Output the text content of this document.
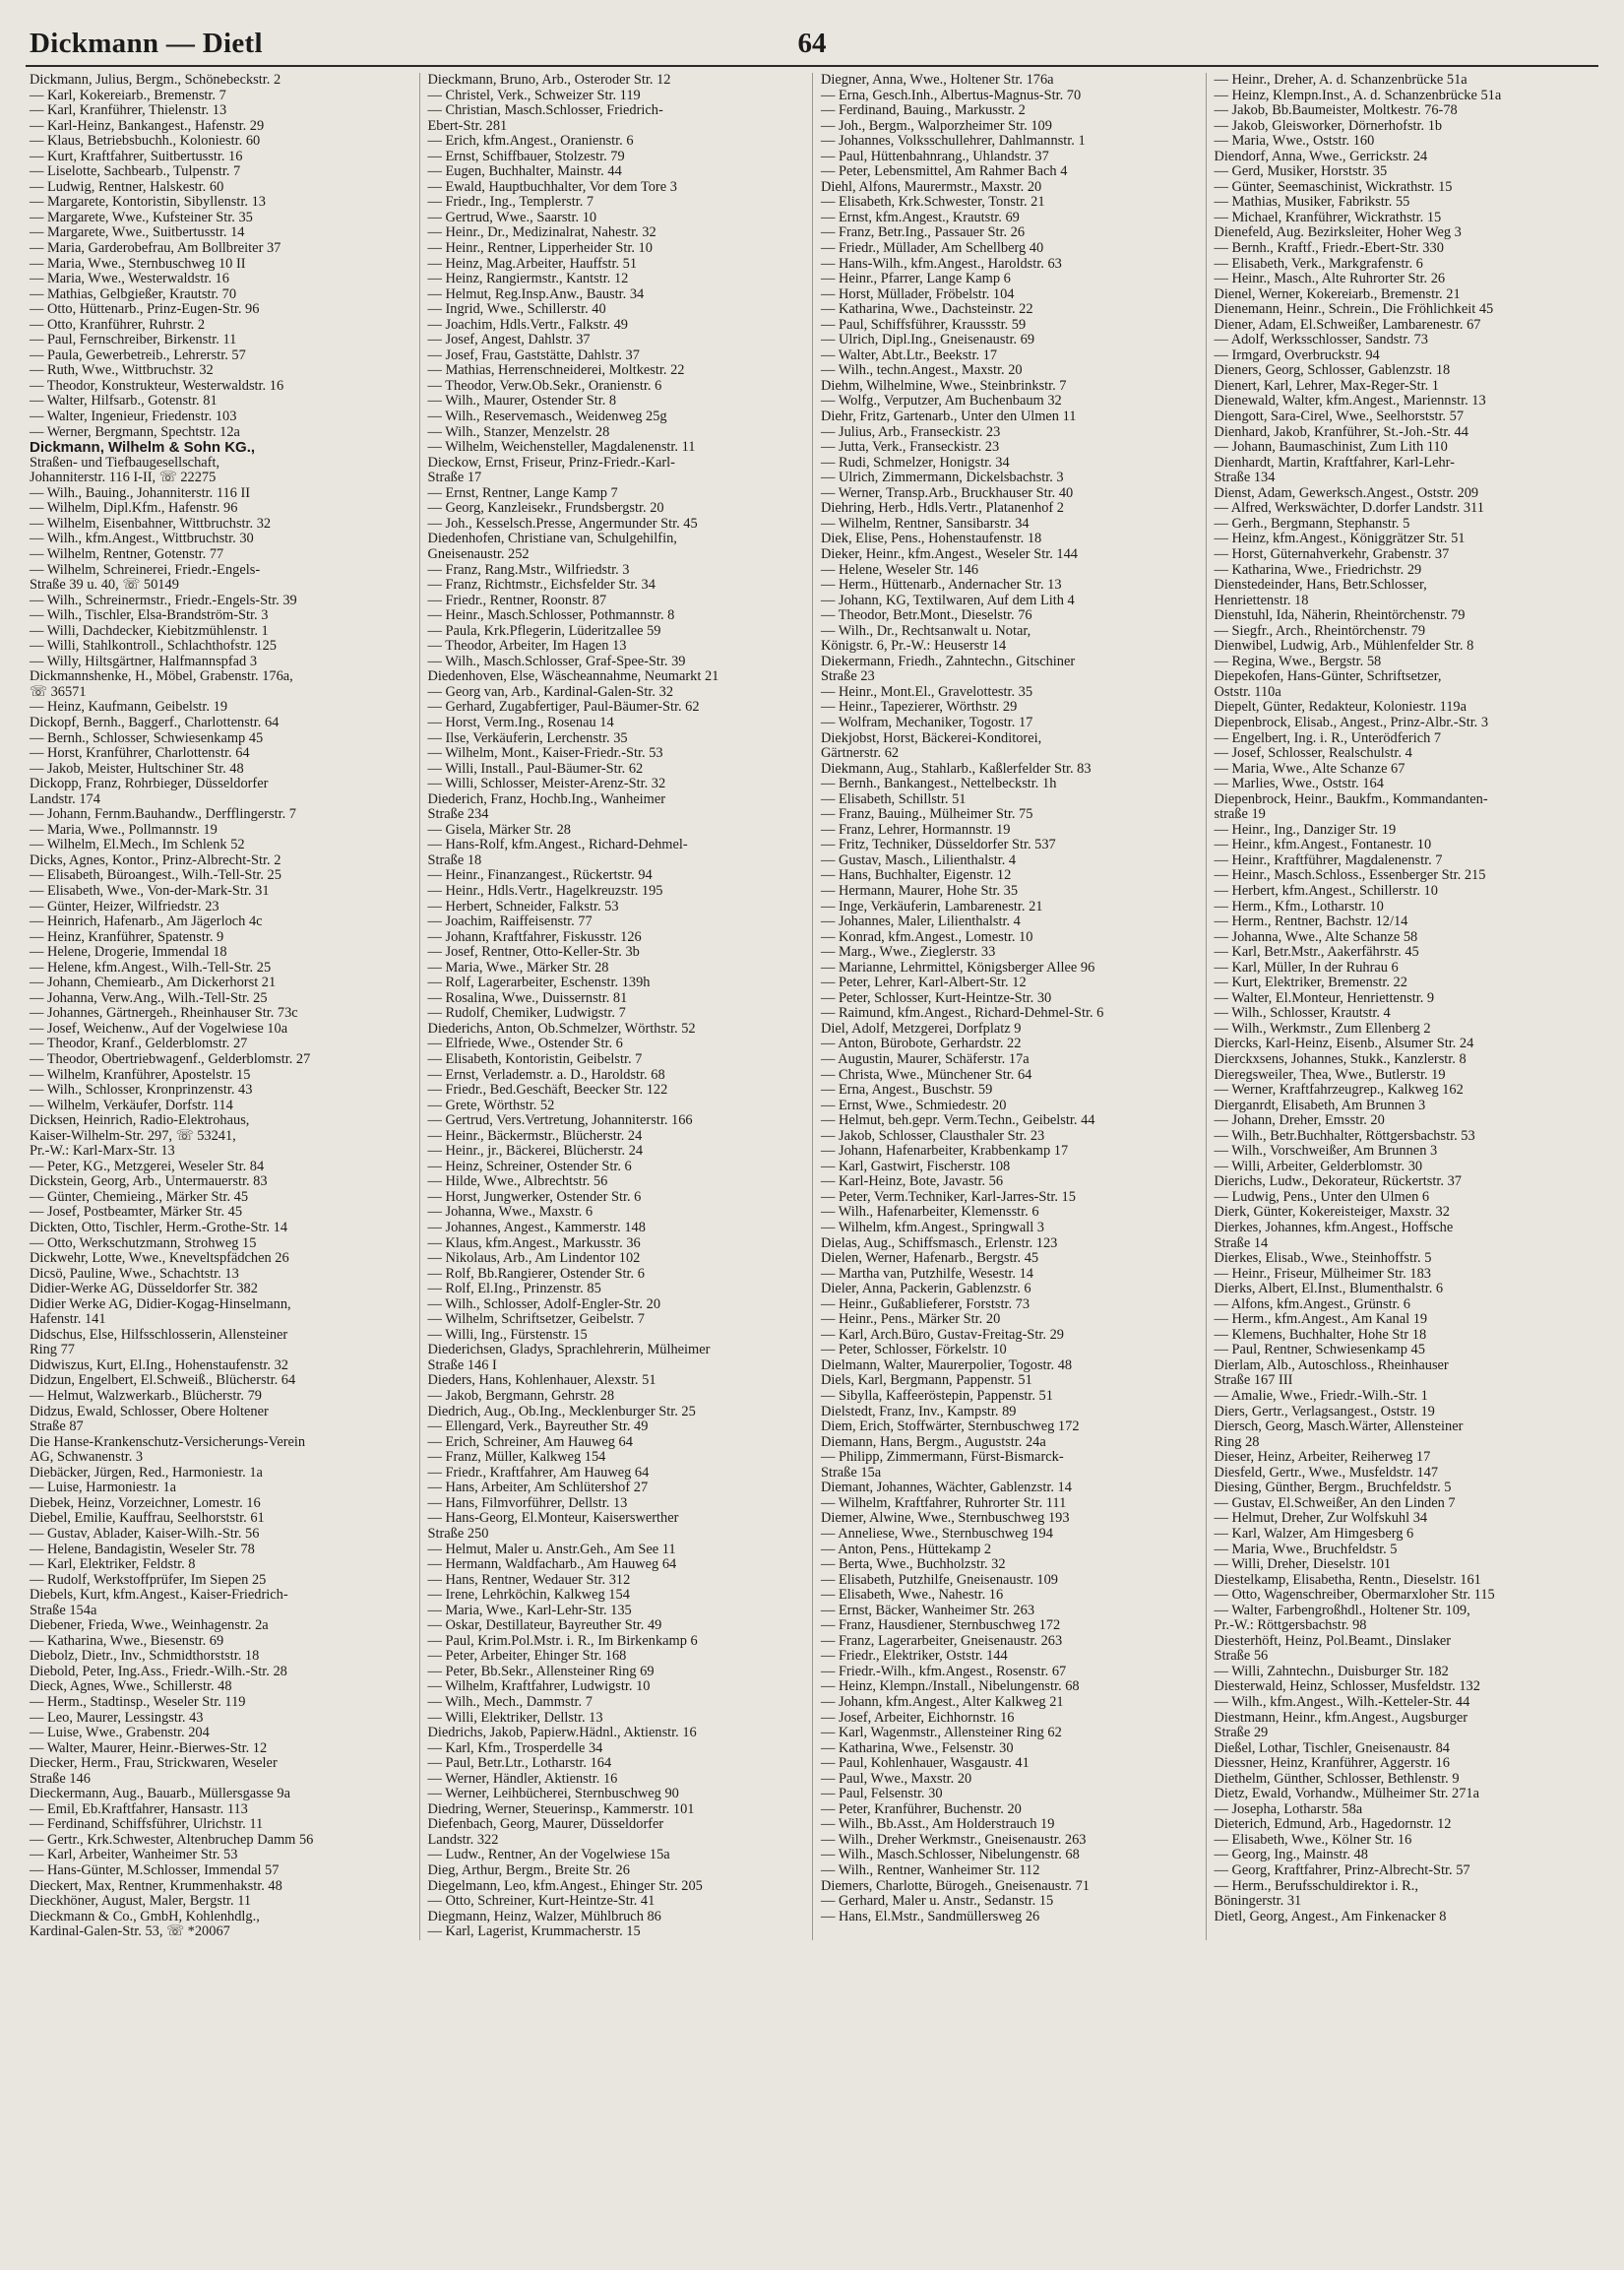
Dickmann — Dietl	64
Dickmann, Julius, Bergm., Schönebeckstr. 2
— Karl, Kokereiarb., Bremenstr. 7
— Karl, Kranführer, Thielenstr. 13
— Karl-Heinz, Bankangest., Hafenstr. 29
— Klaus, Betriebsbuchh., Koloniestr. 60
— Kurt, Kraftfahrer, Suitbertusstr. 16
— Liselotte, Sachbearb., Tulpenstr. 7
— Ludwig, Rentner, Halskestr. 60
— Margarete, Kontoristin, Sibyllenstr. 13
— Margarete, Wwe., Kufsteiner Str. 35
— Margarete, Wwe., Suitbertusstr. 14
— Maria, Garderobefrau, Am Bollbreiter 37
— Maria, Wwe., Sternbuschweg 10 II
— Maria, Wwe., Westerwaldstr. 16
— Mathias, Gelbgießer, Krautstr. 70
— Otto, Hüttenarb., Prinz-Eugen-Str. 96
— Otto, Kranführer, Ruhrstr. 2
— Paul, Fernschreiber, Birkenstr. 11
— Paula, Gewerbetreib., Lehrerstr. 57
— Ruth, Wwe., Wittbruchstr. 32
— Theodor, Konstrukteur, Westerwaldstr. 16
— Walter, Hilfsarb., Gotenstr. 81
— Walter, Ingenieur, Friedenstr. 103
— Werner, Bergmann, Spechtstr. 12a
Dickmann, Wilhelm & Sohn KG.,
Straßen- und Tiefbaugesellschaft,
Johanniterstr. 116 I-II, ☏ 22275
— Wilh., Bauing., Johanniterstr. 116 II
— Wilhelm, Dipl.Kfm., Hafenstr. 96
— Wilhelm, Eisenbahner, Wittbruchstr. 32
— Wilh., kfm.Angest., Wittbruchstr. 30
— Wilhelm, Rentner, Gotenstr. 77
— Wilhelm, Schreinerei, Friedr.-Engels-
Straße 39 u. 40, ☏ 50149
— Wilh., Schreinermstr., Friedr.-Engels-Str. 39
— Wilh., Tischler, Elsa-Brandström-Str. 3
— Willi, Dachdecker, Kiebitzmühlenstr. 1
— Willi, Stahlkontroll., Schlachthofstr. 125
— Willy, Hiltsgärtner, Halfmannspfad 3
Dickmannshenke, H., Möbel, Grabenstr. 176a,
☏ 36571
— Heinz, Kaufmann, Geibelstr. 19
Dickopf, Bernh., Baggerf., Charlottenstr. 64
— Bernh., Schlosser, Schwiesenkamp 45
— Horst, Kranführer, Charlottenstr. 64
— Jakob, Meister, Hultschiner Str. 48
Dickopp, Franz, Rohrbieger, Düsseldorfer
Landstr. 174
— Johann, Fernm.Bauhandw., Derfflingerstr. 7
— Maria, Wwe., Pollmannstr. 19
— Wilhelm, El.Mech., Im Schlenk 52
Dicks, Agnes, Kontor., Prinz-Albrecht-Str. 2
— Elisabeth, Büroangest., Wilh.-Tell-Str. 25
— Elisabeth, Wwe., Von-der-Mark-Str. 31
— Günter, Heizer, Wilfriedstr. 23
— Heinrich, Hafenarb., Am Jägerloch 4c
— Heinz, Kranführer, Spatenstr. 9
— Helene, Drogerie, Immendal 18
— Helene, kfm.Angest., Wilh.-Tell-Str. 25
— Johann, Chemiearb., Am Dickerhorst 21
— Johanna, Verw.Ang., Wilh.-Tell-Str. 25
— Johannes, Gärtnergeh., Rheinhauser Str. 73c
— Josef, Weichenw., Auf der Vogelwiese 10a
— Theodor, Kranf., Gelderblomstr. 27
— Theodor, Obertriebwagenf., Gelderblomstr. 27
— Wilhelm, Kranführer, Apostelstr. 15
— Wilh., Schlosser, Kronprinzenstr. 43
— Wilhelm, Verkäufer, Dorfstr. 114
Dicksen, Heinrich, Radio-Elektrohaus,
Kaiser-Wilhelm-Str. 297, ☏ 53241,
Pr.-W.: Karl-Marx-Str. 13
— Peter, KG., Metzgerei, Weseler Str. 84
Dickstein, Georg, Arb., Untermauerstr. 83
— Günter, Chemieing., Märker Str. 45
— Josef, Postbeamter, Märker Str. 45
Dickten, Otto, Tischler, Herm.-Grothe-Str. 14
— Otto, Werkschutzmann, Strohweg 15
Dickwehr, Lotte, Wwe., Kneveltspfädchen 26
Dicsö, Pauline, Wwe., Schachtstr. 13
Didier-Werke AG, Düsseldorfer Str. 382
Didier Werke AG, Didier-Kogag-Hinselmann,
Hafenstr. 141
Didschus, Else, Hilfsschlosserin, Allensteiner
Ring 77
Didwiszus, Kurt, El.Ing., Hohenstaufenstr. 32
Didzun, Engelbert, El.Schweiß., Blücherstr. 64
— Helmut, Walzwerkarb., Blücherstr. 79
Didzus, Ewald, Schlosser, Obere Holtener
Straße 87
Die Hanse-Krankenschutz-Versicherungs-Verein
AG, Schwanenstr. 3
Diebäcker, Jürgen, Red., Harmoniestr. 1a
— Luise, Harmoniestr. 1a
Diebek, Heinz, Vorzeichner, Lomestr. 16
Diebel, Emilie, Kauffrau, Seelhorststr. 61
— Gustav, Ablader, Kaiser-Wilh.-Str. 56
— Helene, Bandagistin, Weseler Str. 78
— Karl, Elektriker, Feldstr. 8
— Rudolf, Werkstoffprüfer, Im Siepen 25
Diebels, Kurt, kfm.Angest., Kaiser-Friedrich-
Straße 154a
Diebener, Frieda, Wwe., Weinhagenstr. 2a
— Katharina, Wwe., Biesenstr. 69
Diebolz, Dietr., Inv., Schmidthorststr. 18
Diebold, Peter, Ing.Ass., Friedr.-Wilh.-Str. 28
Dieck, Agnes, Wwe., Schillerstr. 48
— Herm., Stadtinsp., Weseler Str. 119
— Leo, Maurer, Lessingstr. 43
— Luise, Wwe., Grabenstr. 204
— Walter, Maurer, Heinr.-Bierwes-Str. 12
Diecker, Herm., Frau, Strickwaren, Weseler
Straße 146
Dieckermann, Aug., Bauarb., Müllersgasse 9a
— Emil, Eb.Kraftfahrer, Hansastr. 113
— Ferdinand, Schiffsführer, Ulrichstr. 11
— Gertr., Krk.Schwester, Altenbruchер Damm 56
— Karl, Arbeiter, Wanheimer Str. 53
— Hans-Günter, M.Schlosser, Immendal 57
Dieckert, Max, Rentner, Krummenhakstr. 48
Dieckhöner, August, Maler, Bergstr. 11
Dieckmann & Co., GmbH, Kohlenhdlg.,
Kardinal-Galen-Str. 53, ☏ *20067
Dieckmann, Bruno, Arb., Osteroder Str. 12
— Christel, Verk., Schweizer Str. 119
— Christian, Masch.Schlosser, Friedrich-
Ebert-Str. 281
— Erich, kfm.Angest., Oranienstr. 6
— Ernst, Schiffbauer, Stolzestr. 79
— Eugen, Buchhalter, Mainstr. 44
— Ewald, Hauptbuchhalter, Vor dem Tore 3
— Friedr., Ing., Templerstr. 7
— Gertrud, Wwe., Saarstr. 10
— Heinr., Dr., Medizinalrat, Nahestr. 32
— Heinr., Rentner, Lipperheider Str. 10
— Heinz, Mag.Arbeiter, Hauffstr. 51
— Heinz, Rangiermstr., Kantstr. 12
— Helmut, Reg.Insp.Anw., Baustr. 34
— Ingrid, Wwe., Schillerstr. 40
— Joachim, Hdls.Vertr., Falkstr. 49
— Josef, Angest, Dahlstr. 37
— Josef, Frau, Gaststätte, Dahlstr. 37
— Mathias, Herrenschneiderei, Moltkestr. 22
— Theodor, Verw.Ob.Sekr., Oranienstr. 6
— Wilh., Maurer, Ostender Str. 8
— Wilh., Reservemasch., Weidenweg 25g
— Wilh., Stanzer, Menzelstr. 28
— Wilhelm, Weichensteller, Magdalenenstr. 11
Dieckow, Ernst, Friseur, Prinz-Friedr.-Karl-
Straße 17
— Ernst, Rentner, Lange Kamp 7
— Georg, Kanzleisekr., Frundsbergstr. 20
— Joh., Kesselsch.Presse, Angermunder Str. 45
Diedenhofen, Christiane van, Schulgehilfin,
Gneisenaustr. 252
— Franz, Rang.Mstr., Wilfriedstr. 3
— Franz, Richtmstr., Eichsfelder Str. 34
— Friedr., Rentner, Roonstr. 87
— Heinr., Masch.Schlosser, Pothmannstr. 8
— Paula, Krk.Pflegerin, Lüderitzallee 59
— Theodor, Arbeiter, Im Hagen 13
— Wilh., Masch.Schlosser, Graf-Spee-Str. 39
Diedenhoven, Else, Wäscheannahme, Neumarkt 21
— Georg van, Arb., Kardinal-Galen-Str. 32
— Gerhard, Zugabfertiger, Paul-Bäumer-Str. 62
— Horst, Verm.Ing., Rosenau 14
— Ilse, Verkäuferin, Lerchenstr. 35
— Wilhelm, Mont., Kaiser-Friedr.-Str. 53
— Willi, Install., Paul-Bäumer-Str. 62
— Willi, Schlosser, Meister-Arenz-Str. 32
Diederich, Franz, Hochb.Ing., Wanheimer
Straße 234
— Gisela, Märker Str. 28
— Hans-Rolf, kfm.Angest., Richard-Dehmel-
Straße 18
— Heinr., Finanzangest., Rückertstr. 94
— Heinr., Hdls.Vertr., Hagelkreuzstr. 195
— Herbert, Schneider, Falkstr. 53
— Joachim, Raiffeisenstr. 77
— Johann, Kraftfahrer, Fiskusstr. 126
— Josef, Rentner, Otto-Keller-Str. 3b
— Maria, Wwe., Märker Str. 28
— Rolf, Lagerarbeiter, Eschenstr. 139h
— Rosalina, Wwe., Duissernstr. 81
— Rudolf, Chemiker, Ludwigstr. 7
Diederichs, Anton, Ob.Schmelzer, Wörthstr. 52
— Elfriede, Wwe., Ostender Str. 6
— Elisabeth, Kontoristin, Geibelstr. 7
— Ernst, Verlademstr. a. D., Haroldstr. 68
— Friedr., Bed.Geschäft, Beecker Str. 122
— Grete, Wörthstr. 52
— Gertrud, Vers.Vertretung, Johanniterstr. 166
— Heinr., Bäckermstr., Blücherstr. 24
— Heinr., jr., Bäckerei, Blücherstr. 24
— Heinz, Schreiner, Ostender Str. 6
— Hilde, Wwe., Albrechtstr. 56
— Horst, Jungwerker, Ostender Str. 6
— Johanna, Wwe., Maxstr. 6
— Johannes, Angest., Kammerstr. 148
— Klaus, kfm.Angest., Markusstr. 36
— Nikolaus, Arb., Am Lindentor 102
— Rolf, Bb.Rangierer, Ostender Str. 6
— Rolf, El.Ing., Prinzenstr. 85
— Wilh., Schlosser, Adolf-Engler-Str. 20
— Wilhelm, Schriftsetzer, Geibelstr. 7
— Willi, Ing., Fürstenstr. 15
Diederichsen, Gladys, Sprachlehrerin, Mülheimer
Straße 146 I
Dieders, Hans, Kohlenhauer, Alexstr. 51
— Jakob, Bergmann, Gehrstr. 28
Diedrich, Aug., Ob.Ing., Mecklenburger Str. 25
— Ellengard, Verk., Bayreuther Str. 49
— Erich, Schreiner, Am Hauweg 64
— Franz, Müller, Kalkweg 154
— Friedr., Kraftfahrer, Am Hauweg 64
— Hans, Arbeiter, Am Schlütershof 27
— Hans, Filmvorführer, Dellstr. 13
— Hans-Georg, El.Monteur, Kaiserswerther
Straße 250
— Helmut, Maler u. Anstr.Geh., Am See 11
— Hermann, Waldfacharb., Am Hauweg 64
— Hans, Rentner, Wedauer Str. 312
— Irene, Lehrköchin, Kalkweg 154
— Maria, Wwe., Karl-Lehr-Str. 135
— Oskar, Destillateur, Bayreuther Str. 49
— Paul, Krim.Pol.Mstr. i. R., Im Birkenkamp 6
— Peter, Arbeiter, Ehinger Str. 168
— Peter, Bb.Sekr., Allensteiner Ring 69
— Wilhelm, Kraftfahrer, Ludwigstr. 10
— Wilh., Mech., Dammstr. 7
— Willi, Elektriker, Dellstr. 13
Diedrichs, Jakob, Papierw.Hädnl., Aktienstr. 16
— Karl, Kfm., Trosperdelle 34
— Paul, Betr.Ltr., Lotharstr. 164
— Werner, Händler, Aktienstr. 16
— Werner, Leihbücherei, Sternbuschweg 90
Diedring, Werner, Steuerinsp., Kammerstr. 101
Diefenbach, Georg, Maurer, Düsseldorfer
Landstr. 322
— Ludw., Rentner, An der Vogelwiese 15a
Dieg, Arthur, Bergm., Breite Str. 26
Diegelmann, Leo, kfm.Angest., Ehinger Str. 205
— Otto, Schreiner, Kurt-Heintze-Str. 41
Diegmann, Heinz, Walzer, Mühlbruch 86
— Karl, Lagerist, Krummacherstr. 15
Diegner, Anna, Wwe., Holtener Str. 176a
— Erna, Gesch.Inh., Albertus-Magnus-Str. 70
— Ferdinand, Bauing., Markusstr. 2
— Joh., Bergm., Walporzheimer Str. 109
— Johannes, Volksschullehrer, Dahlmannstr. 1
— Paul, Hüttenbahnrang., Uhlandstr. 37
— Peter, Lebensmittel, Am Rahmer Bach 4
Diehl, Alfons, Maurermstr., Maxstr. 20
— Elisabeth, Krk.Schwester, Tonstr. 21
— Ernst, kfm.Angest., Krautstr. 69
— Franz, Betr.Ing., Passauer Str. 26
— Friedr., Müllader, Am Schellberg 40
— Hans-Wilh., kfm.Angest., Haroldstr. 63
— Heinr., Pfarrer, Lange Kamp 6
— Horst, Müllader, Fröbelstr. 104
— Katharina, Wwe., Dachsteinstr. 22
— Paul, Schiffsführer, Kraussstr. 59
— Ulrich, Dipl.Ing., Gneisenaustr. 69
— Walter, Abt.Ltr., Beekstr. 17
— Wilh., techn.Angest., Maxstr. 20
Diehm, Wilhelmine, Wwe., Steinbrinkstr. 7
— Wolfg., Verputzer, Am Buchenbaum 32
Diehr, Fritz, Gartenarb., Unter den Ulmen 11
— Julius, Arb., Franseckistr. 23
— Jutta, Verk., Franseckistr. 23
— Rudi, Schmelzer, Honigstr. 34
— Ulrich, Zimmermann, Dickelsbachstr. 3
— Werner, Transp.Arb., Bruckhauser Str. 40
Diehring, Herb., Hdls.Vertr., Platanenhof 2
— Wilhelm, Rentner, Sansibarstr. 34
Diek, Elise, Pens., Hohenstaufenstr. 18
Dieker, Heinr., kfm.Angest., Weseler Str. 144
— Helene, Weseler Str. 146
— Herm., Hüttenarb., Andernacher Str. 13
— Johann, KG, Textilwaren, Auf dem Lith 4
— Theodor, Betr.Mont., Dieselstr. 76
— Wilh., Dr., Rechtsanwalt u. Notar,
Königstr. 6, Pr.-W.: Heuserstr 14
Diekermann, Friedh., Zahntechn., Gitschiner
Straße 23
— Heinr., Mont.El., Gravelottestr. 35
— Heinr., Tapezierer, Wörthstr. 29
— Wolfram, Mechaniker, Togostr. 17
Diekjobst, Horst, Bäckerei-Konditorei,
Gärtnerstr. 62
Diekmann, Aug., Stahlarb., Kaßlerfelder Str. 83
— Bernh., Bankangest., Nettelbeckstr. 1h
— Elisabeth, Schillstr. 51
— Franz, Bauing., Mülheimer Str. 75
— Franz, Lehrer, Hormannstr. 19
— Fritz, Techniker, Düsseldorfer Str. 537
— Gustav, Masch., Lilienthalstr. 4
— Hans, Buchhalter, Eigenstr. 12
— Hermann, Maurer, Hohe Str. 35
— Inge, Verkäuferin, Lambarenestr. 21
— Johannes, Maler, Lilienthalstr. 4
— Konrad, kfm.Angest., Lomestr. 10
— Marg., Wwe., Zieglerstr. 33
— Marianne, Lehrmittel, Königsberger Allee 96
— Peter, Lehrer, Karl-Albert-Str. 12
— Peter, Schlosser, Kurt-Heintze-Str. 30
— Raimund, kfm.Angest., Richard-Dehmel-Str. 6
Diel, Adolf, Metzgerei, Dorfplatz 9
— Anton, Bürobote, Gerhardstr. 22
— Augustin, Maurer, Schäferstr. 17a
— Christa, Wwe., Münchener Str. 64
— Erna, Angest., Buschstr. 59
— Ernst, Wwe., Schmiedestr. 20
— Helmut, beh.gepr. Verm.Techn., Geibelstr. 44
— Jakob, Schlosser, Clausthaler Str. 23
— Johann, Hafenarbeiter, Krabbenkamp 17
— Karl, Gastwirt, Fischerstr. 108
— Karl-Heinz, Bote, Javastr. 56
— Peter, Verm.Techniker, Karl-Jarres-Str. 15
— Wilh., Hafenarbeiter, Klemensstr. 6
— Wilhelm, kfm.Angest., Springwall 3
Dielas, Aug., Schiffsmasch., Erlenstr. 123
Dielen, Werner, Hafenarb., Bergstr. 45
— Martha van, Putzhilfe, Wesestr. 14
Dieler, Anna, Packerin, Gablenzstr. 6
— Heinr., Gußablieferer, Forststr. 73
— Heinr., Pens., Märker Str. 20
— Karl, Arch.Büro, Gustav-Freitag-Str. 29
— Peter, Schlosser, Förkelstr. 10
Dielmann, Walter, Maurerpolier, Togostr. 48
Diels, Karl, Bergmann, Pappenstr. 51
— Sibylla, Kaffeeröstерin, Pappenstr. 51
Dielstedt, Franz, Inv., Kampstr. 89
Diem, Erich, Stoffwärter, Sternbuschweg 172
Diemann, Hans, Bergm., Auguststr. 24a
— Philipp, Zimmermann, Fürst-Bismarck-
Straße 15a
Diemant, Johannes, Wächter, Gablenzstr. 14
— Wilhelm, Kraftfahrer, Ruhrorter Str. 111
Diemer, Alwine, Wwe., Sternbuschweg 193
— Anneliese, Wwe., Sternbuschweg 194
— Anton, Pens., Hüttekamp 2
— Berta, Wwe., Buchholzstr. 32
— Elisabeth, Putzhilfe, Gneisenaustr. 109
— Elisabeth, Wwe., Nahestr. 16
— Ernst, Bäcker, Wanheimer Str. 263
— Franz, Hausdiener, Sternbuschweg 172
— Franz, Lagerarbeiter, Gneisenaustr. 263
— Friedr., Elektriker, Oststr. 144
— Friedr.-Wilh., kfm.Angest., Rosenstr. 67
— Heinz, Klempn./Install., Nibelungenstr. 68
— Johann, kfm.Angest., Alter Kalkweg 21
— Josef, Arbeiter, Eichhornstr. 16
— Karl, Wagenmstr., Allensteiner Ring 62
— Katharina, Wwe., Felsenstr. 30
— Paul, Kohlenhauer, Wasgaustr. 41
— Paul, Wwe., Maxstr. 20
— Paul, Felsenstr. 30
— Peter, Kranführer, Buchenstr. 20
— Wilh., Bb.Asst., Am Holderstrauch 19
— Wilh., Dreher Werkmstr., Gneisenaustr. 263
— Wilh., Masch.Schlosser, Nibelungenstr. 68
— Wilh., Rentner, Wanheimer Str. 112
Diemers, Charlotte, Bürogeh., Gneisenaustr. 71
— Gerhard, Maler u. Anstr., Sedanstr. 15
— Hans, El.Mstr., Sandmüllersweg 26
— Heinr., Dreher, A. d. Schanzenbrücke 51a
— Heinz, Klempn.Inst., A. d. Schanzenbrücke 51a
— Jakob, Bb.Baumeister, Moltkestr. 76-78
— Jakob, Gleisworker, Dörnerhofstr. 1b
— Maria, Wwe., Oststr. 160
Diendorf, Anna, Wwe., Gerrickstr. 24
— Gerd, Musiker, Horststr. 35
— Günter, Seemaschinist, Wickrathstr. 15
— Mathias, Musiker, Fabrikstr. 55
— Michael, Kranführer, Wickrathstr. 15
Dienefeld, Aug. Bezirksleiter, Hoher Weg 3
— Bernh., Kraftf., Friedr.-Ebert-Str. 330
— Elisabeth, Verk., Markgrafenstr. 6
— Heinr., Masch., Alte Ruhrorter Str. 26
Dienel, Werner, Kokereiarb., Bremenstr. 21
Dienemann, Heinr., Schrein., Die Fröhlichkeit 45
Diener, Adam, El.Schweißer, Lambarenestr. 67
— Adolf, Werksschlosser, Sandstr. 73
— Irmgard, Overbruckstr. 94
Dieners, Georg, Schlosser, Gablenzstr. 18
Dienert, Karl, Lehrer, Max-Reger-Str. 1
Dienewald, Walter, kfm.Angest., Mariennstr. 13
Diengott, Sara-Cirel, Wwe., Seelhorststr. 57
Dienhard, Jakob, Kranführer, St.-Joh.-Str. 44
— Johann, Baumaschinist, Zum Lith 110
Dienhardt, Martin, Kraftfahrer, Karl-Lehr-
Straße 134
Dienst, Adam, Gewerksch.Angest., Oststr. 209
— Alfred, Werkswächter, D.dorfer Landstr. 311
— Gerh., Bergmann, Stephanstr. 5
— Heinz, kfm.Angest., Königgrätzer Str. 51
— Horst, Güternahverkehr, Grabenstr. 37
— Katharina, Wwe., Friedrichstr. 29
Dienstedeinder, Hans, Betr.Schlosser,
Henriettenstr. 18
Dienstuhl, Ida, Näherin, Rheintörchenstr. 79
— Siegfr., Arch., Rheintörchenstr. 79
Dienwibel, Ludwig, Arb., Mühlenfelder Str. 8
— Regina, Wwe., Bergstr. 58
Diepekofen, Hans-Günter, Schriftsetzer,
Oststr. 110a
Diepelt, Günter, Redakteur, Koloniestr. 119a
Diepenbrock, Elisab., Angest., Prinz-Albr.-Str. 3
— Engelbert, Ing. i. R., Unterödferich 7
— Josef, Schlosser, Realschulstr. 4
— Maria, Wwe., Alte Schanze 67
— Marlies, Wwe., Oststr. 164
Diepenbrock, Heinr., Baukfm., Kommandanten-
straße 19
— Heinr., Ing., Danziger Str. 19
— Heinr., kfm.Angest., Fontanestr. 10
— Heinr., Kraftführer, Magdalenenstr. 7
— Heinr., Masch.Schloss., Essenberger Str. 215
— Herbert, kfm.Angest., Schillerstr. 10
— Herm., Kfm., Lotharstr. 10
— Herm., Rentner, Bachstr. 12/14
— Johanna, Wwe., Alte Schanze 58
— Karl, Betr.Mstr., Aakerfährstr. 45
— Karl, Müller, In der Ruhrau 6
— Kurt, Elektriker, Bremenstr. 22
— Walter, El.Monteur, Henriettenstr. 9
— Wilh., Schlosser, Krautstr. 4
— Wilh., Werkmstr., Zum Ellenberg 2
Diercks, Karl-Heinz, Eisenb., Alsumer Str. 24
Dierckxsens, Johannes, Stukk., Kanzlerstr. 8
Dieregsweiler, Thea, Wwe., Butlerstr. 19
— Werner, Kraftfahrzeugrep., Kalkweg 162
Dierganrdt, Elisabeth, Am Brunnen 3
— Johann, Dreher, Emsstr. 20
— Wilh., Betr.Buchhalter, Röttgersbachstr. 53
— Wilh., Vorschweißer, Am Brunnen 3
— Willi, Arbeiter, Gelderblomstr. 30
Dierichs, Ludw., Dekorateur, Rückertstr. 37
— Ludwig, Pens., Unter den Ulmen 6
Dierk, Günter, Kokereisteiger, Maxstr. 32
Dierkes, Johannes, kfm.Angest., Hoffsche
Straße 14
Dierkes, Elisab., Wwe., Steinhoffstr. 5
— Heinr., Friseur, Mülheimer Str. 183
Dierks, Albert, El.Inst., Blumenthalstr. 6
— Alfons, kfm.Angest., Grünstr. 6
— Herm., kfm.Angest., Am Kanal 19
— Klemens, Buchhalter, Hohe Str 18
— Paul, Rentner, Schwiesenkamp 45
Dierlam, Alb., Autoschloss., Rheinhauser
Straße 167 III
— Amalie, Wwe., Friedr.-Wilh.-Str. 1
Diers, Gertr., Verlagsangest., Oststr. 19
Diersch, Georg, Masch.Wärter, Allensteiner
Ring 28
Dieser, Heinz, Arbeiter, Reiherweg 17
Diesfeld, Gertr., Wwe., Musfeldstr. 147
Diesing, Günther, Bergm., Bruchfeldstr. 5
— Gustav, El.Schweißer, An den Linden 7
— Helmut, Dreher, Zur Wolfskuhl 34
— Karl, Walzer, Am Himgesberg 6
— Maria, Wwe., Bruchfeldstr. 5
— Willi, Dreher, Dieselstr. 101
Diestelkamp, Elisabetha, Rentn., Dieselstr. 161
— Otto, Wagenschreiber, Obermarxloher Str. 115
— Walter, Farbengroßhdl., Holtener Str. 109,
Pr.-W.: Röttgersbachstr. 98
Diesterhöft, Heinz, Pol.Beamt., Dinslaker
Straße 56
— Willi, Zahntechn., Duisburger Str. 182
Diesterwald, Heinz, Schlosser, Musfeldstr. 132
— Wilh., kfm.Angest., Wilh.-Ketteler-Str. 44
Diestmann, Heinr., kfm.Angest., Augsburger
Straße 29
Dießel, Lothar, Tischler, Gneisenaustr. 84
Diessner, Heinz, Kranführer, Aggerstr. 16
Diethelm, Günther, Schlosser, Bethlenstr. 9
Dietz, Ewald, Vorhandw., Mülheimer Str. 271a
— Josepha, Lotharstr. 58a
Dieterich, Edmund, Arb., Hagedornstr. 12
— Elisabeth, Wwe., Kölner Str. 16
— Georg, Ing., Mainstr. 48
— Georg, Kraftfahrer, Prinz-Albrecht-Str. 57
— Herm., Berufsschuldirektor i. R.,
Böningerstr. 31
Dietl, Georg, Angest., Am Finkenacker 8
